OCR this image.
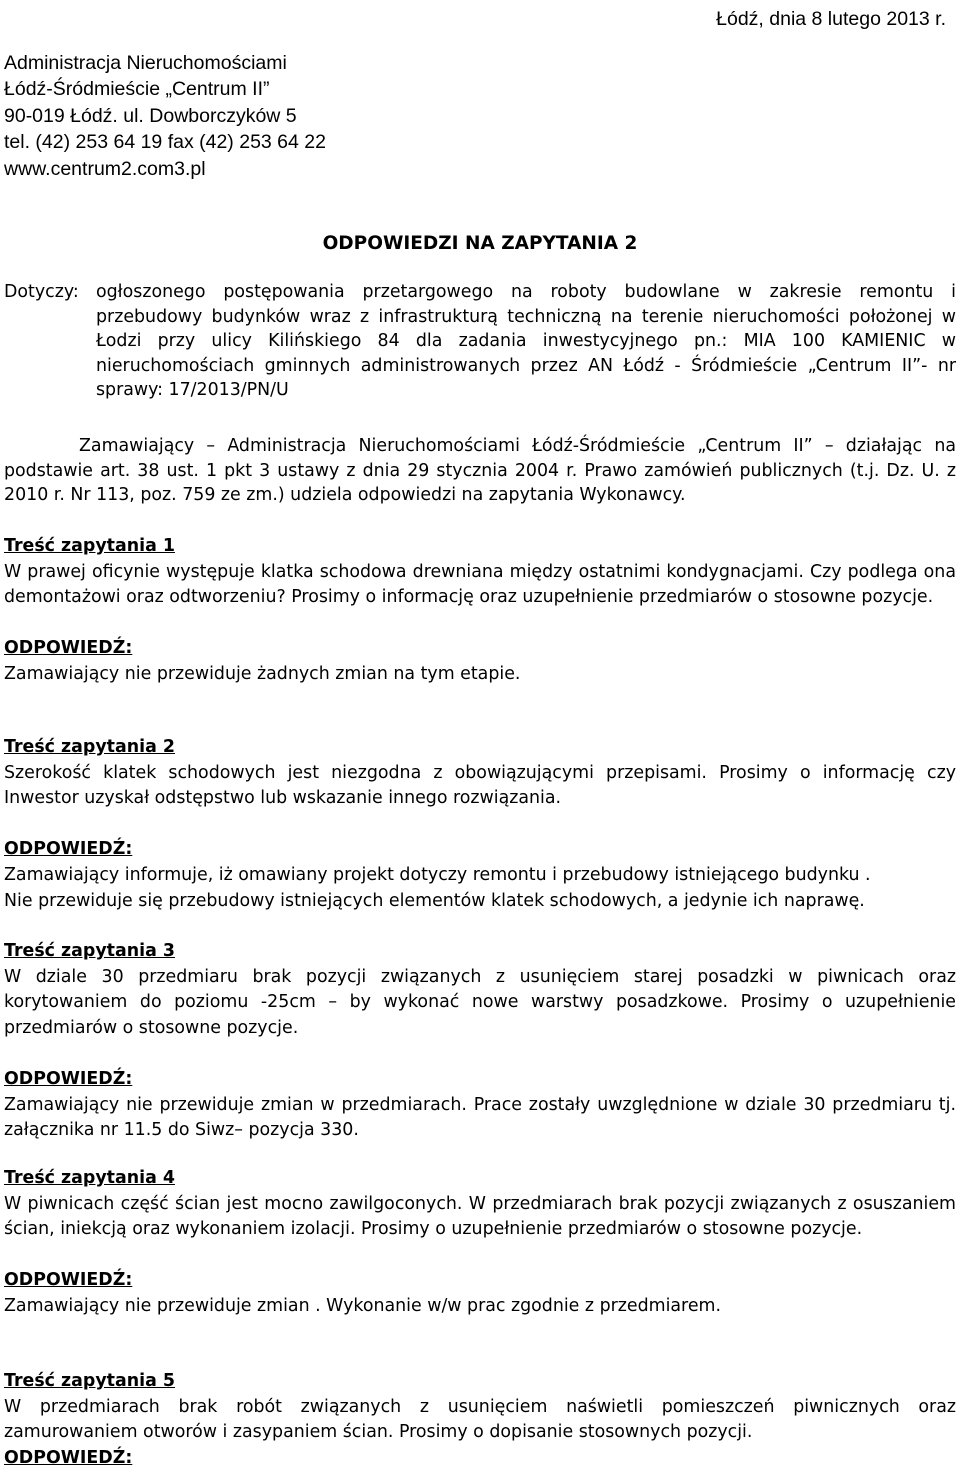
Łódź, dnia 8 lutego 2013 r.
Administracja Nieruchomościami
Łódź-Śródmieście „Centrum II”
90-019 Łódź. ul. Dowborczyków 5
tel. (42) 253 64 19 fax (42) 253 64 22
www.centrum2.com3.pl
ODPOWIEDZI NA ZAPYTANIA 2
Dotyczy: ogłoszonego postępowania przetargowego na roboty budowlane w zakresie remontu i przebudowy budynków wraz z infrastrukturą techniczną na terenie nieruchomości położonej w Łodzi przy ulicy Kilińskiego 84 dla zadania inwestycyjnego pn.: MIA 100 KAMIENIC w nieruchomościach gminnych administrowanych przez AN Łódź - Śródmieście „Centrum II”- nr sprawy: 17/2013/PN/U
Zamawiający – Administracja Nieruchomościami Łódź-Śródmieście „Centrum II” – działając na podstawie art. 38 ust. 1 pkt 3 ustawy z dnia 29 stycznia 2004 r. Prawo zamówień publicznych (t.j. Dz. U. z 2010 r. Nr 113, poz. 759 ze zm.) udziela odpowiedzi na zapytania Wykonawcy.
Treść zapytania 1
W prawej oficynie występuje klatka schodowa drewniana między ostatnimi kondygnacjami. Czy podlega ona demontażowi oraz odtworzeniu? Prosimy o informację oraz uzupełnienie przedmiarów o stosowne pozycje.
ODPOWIEDŹ:
Zamawiający nie przewiduje żadnych zmian na tym etapie.
Treść zapytania 2
Szerokość klatek schodowych jest niezgodna z obowiązującymi przepisami. Prosimy o informację czy Inwestor uzyskał odstępstwo lub wskazanie innego rozwiązania.
ODPOWIEDŹ:
Zamawiający informuje, iż omawiany projekt dotyczy remontu i przebudowy istniejącego budynku .
Nie przewiduje się przebudowy istniejących elementów klatek schodowych, a jedynie ich naprawę.
Treść zapytania 3
W dziale 30 przedmiaru brak pozycji związanych z usunięciem starej posadzki w piwnicach oraz korytowaniem do poziomu -25cm – by wykonać nowe warstwy posadzkowe. Prosimy o uzupełnienie przedmiarów o stosowne pozycje.
ODPOWIEDŹ:
Zamawiający nie przewiduje zmian w przedmiarach. Prace zostały uwzględnione w dziale 30 przedmiaru tj. załącznika nr 11.5 do Siwz– pozycja 330.
Treść zapytania 4
W piwnicach część ścian jest mocno zawilgoconych. W przedmiarach brak pozycji związanych z osuszaniem ścian, iniekcją oraz wykonaniem izolacji. Prosimy o uzupełnienie przedmiarów o stosowne pozycje.
ODPOWIEDŹ:
Zamawiający nie przewiduje zmian . Wykonanie w/w prac zgodnie z przedmiarem.
Treść zapytania 5
W przedmiarach brak robót związanych z usunięciem naświetli pomieszczeń piwnicznych oraz zamurowaniem otworów i zasypaniem ścian. Prosimy o dopisanie stosownych pozycji.
ODPOWIEDŹ:
